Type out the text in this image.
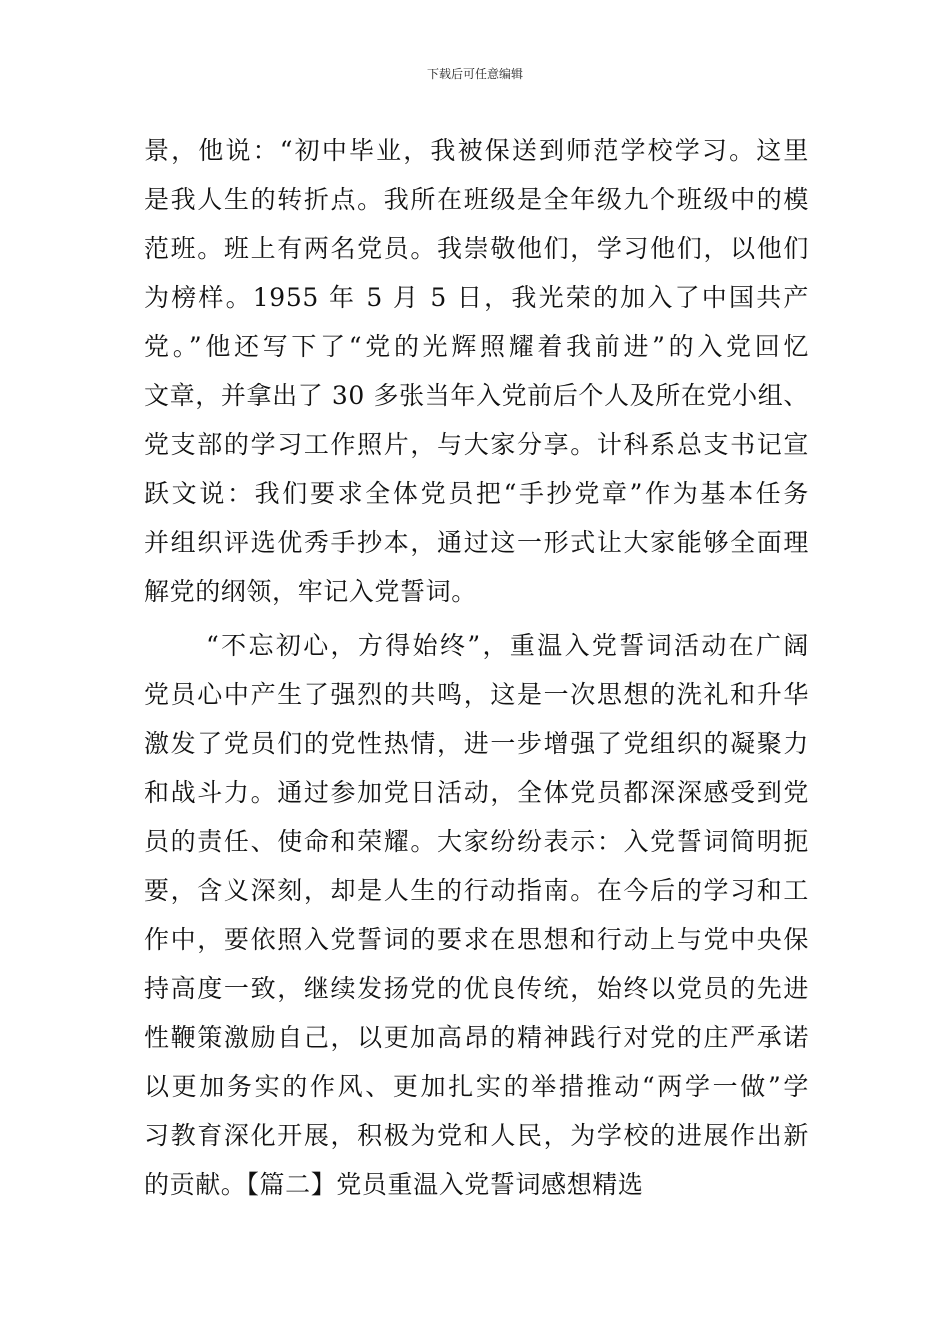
下载后可任意编辑
景，他说：“初中毕业，我被保送到师范学校学习。这里
是我人生的转折点。我所在班级是全年级九个班级中的模
范班。班上有两名党员。我崇敬他们，学习他们，以他们
为榜样。1955 年 5 月 5 日，我光荣的加入了中国共产
党。”他还写下了“党的光辉照耀着我前进”的入党回忆
文章，并拿出了 30 多张当年入党前后个人及所在党小组、
党支部的学习工作照片，与大家分享。计科系总支书记宣
跃文说：我们要求全体党员把“手抄党章”作为基本任务
并组织评选优秀手抄本，通过这一形式让大家能够全面理
解党的纲领，牢记入党誓词。
“不忘初心，方得始终”，重温入党誓词活动在广阔
党员心中产生了强烈的共鸣，这是一次思想的洗礼和升华
激发了党员们的党性热情，进一步增强了党组织的凝聚力
和战斗力。通过参加党日活动，全体党员都深深感受到党
员的责任、使命和荣耀。大家纷纷表示：入党誓词简明扼
要，含义深刻，却是人生的行动指南。在今后的学习和工
作中，要依照入党誓词的要求在思想和行动上与党中央保
持高度一致，继续发扬党的优良传统，始终以党员的先进
性鞭策激励自己，以更加高昂的精神践行对党的庄严承诺
以更加务实的作风、更加扎实的举措推动“两学一做”学
习教育深化开展，积极为党和人民，为学校的进展作出新
的贡献。【篇二】党员重温入党誓词感想精选
